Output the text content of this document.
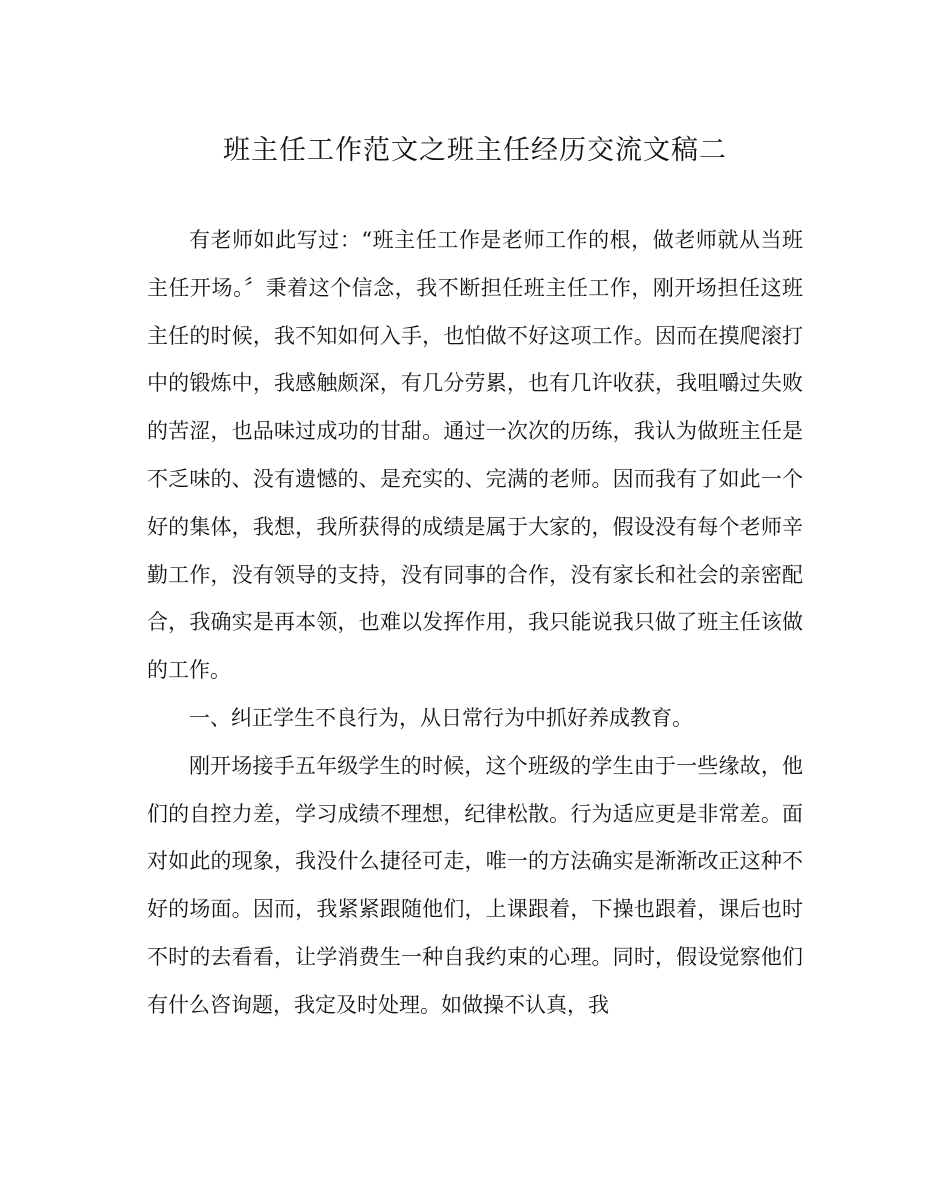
班主任工作范文之班主任经历交流文稿二

有老师如此写过：“班主任工作是老师工作的根，做老师就从当班主任开场。〞秉着这个信念，我不断担任班主任工作，刚开场担任这班主任的时候，我不知如何入手，也怕做不好这项工作。因而在摸爬滚打中的锻炼中，我感触颇深，有几分劳累，也有几许收获，我咀嚼过失败的苦涩，也品味过成功的甘甜。通过一次次的历练，我认为做班主任是不乏味的、没有遗憾的、是充实的、完满的老师。因而我有了如此一个好的集体，我想，我所获得的成绩是属于大家的，假设没有每个老师辛勤工作，没有领导的支持，没有同事的合作，没有家长和社会的亲密配合，我确实是再本领，也难以发挥作用，我只能说我只做了班主任该做的工作。

一、纠正学生不良行为，从日常行为中抓好养成教育。

刚开场接手五年级学生的时候，这个班级的学生由于一些缘故，他们的自控力差，学习成绩不理想，纪律松散。行为适应更是非常差。面对如此的现象，我没什么捷径可走，唯一的方法确实是渐渐改正这种不好的场面。因而，我紧紧跟随他们，上课跟着，下操也跟着，课后也时不时的去看看，让学消费生一种自我约束的心理。同时，假设觉察他们有什么咨询题，我定及时处理。如做操不认真，我
